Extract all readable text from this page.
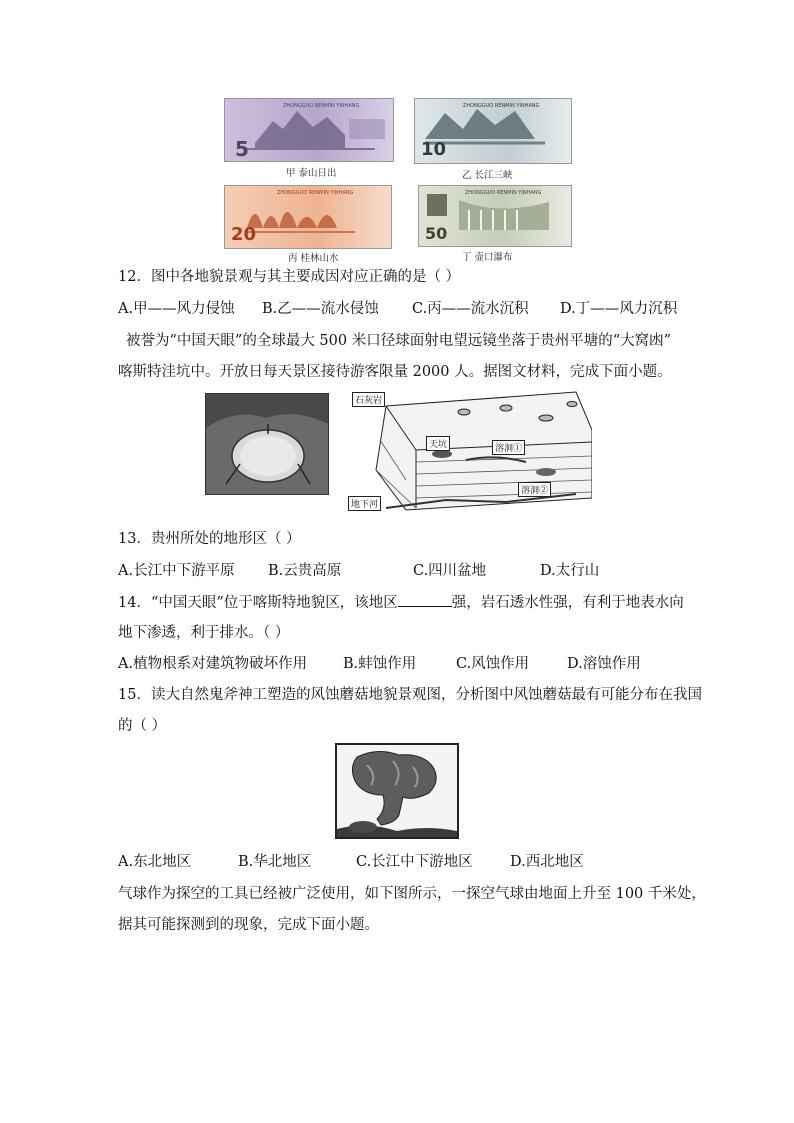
5
ZHONGGUO RENMIN YINHANG
甲 泰山日出
10
ZHONGGUO RENMIN YINHANG
乙 长江三峡
20
ZHONGGUO RENMIN YINHANG
丙 桂林山水
50
ZHONGGUO RENMIN YINHANG
丁 壶口瀑布
12．图中各地貌景观与其主要成因对应正确的是（ ）
A.甲——风力侵蚀 B.乙——流水侵蚀 C.丙——流水沉积 D.丁——风力沉积
被誉为“中国天眼”的全球最大 500 米口径球面射电望远镜坐落于贵州平塘的“大窝凼”
喀斯特洼坑中。开放日每天景区接待游客限量 2000 人。据图文材料，完成下面小题。
石灰岩
天坑	溶洞①
溶洞②
地下河
13．贵州所处的地形区（ ）
A.长江中下游平原 B.云贵高原	C.四川盆地	D.太行山
14．“中国天眼”位于喀斯特地貌区，该地区	强，岩石透水性强，有利于地表水向
地下渗透，利于排水。（ ）
A.植物根系对建筑物破坏作用 B.蚌蚀作用	C.风蚀作用	D.溶蚀作用
15．读大自然鬼斧神工塑造的风蚀蘑菇地貌景观图，分析图中风蚀蘑菇最有可能分布在我国
的（ ）
A.东北地区	B.华北地区	C.长江中下游地区	D.西北地区
气球作为探空的工具已经被广泛使用，如下图所示，一探空气球由地面上升至 100 千米处，
据其可能探测到的现象，完成下面小题。
